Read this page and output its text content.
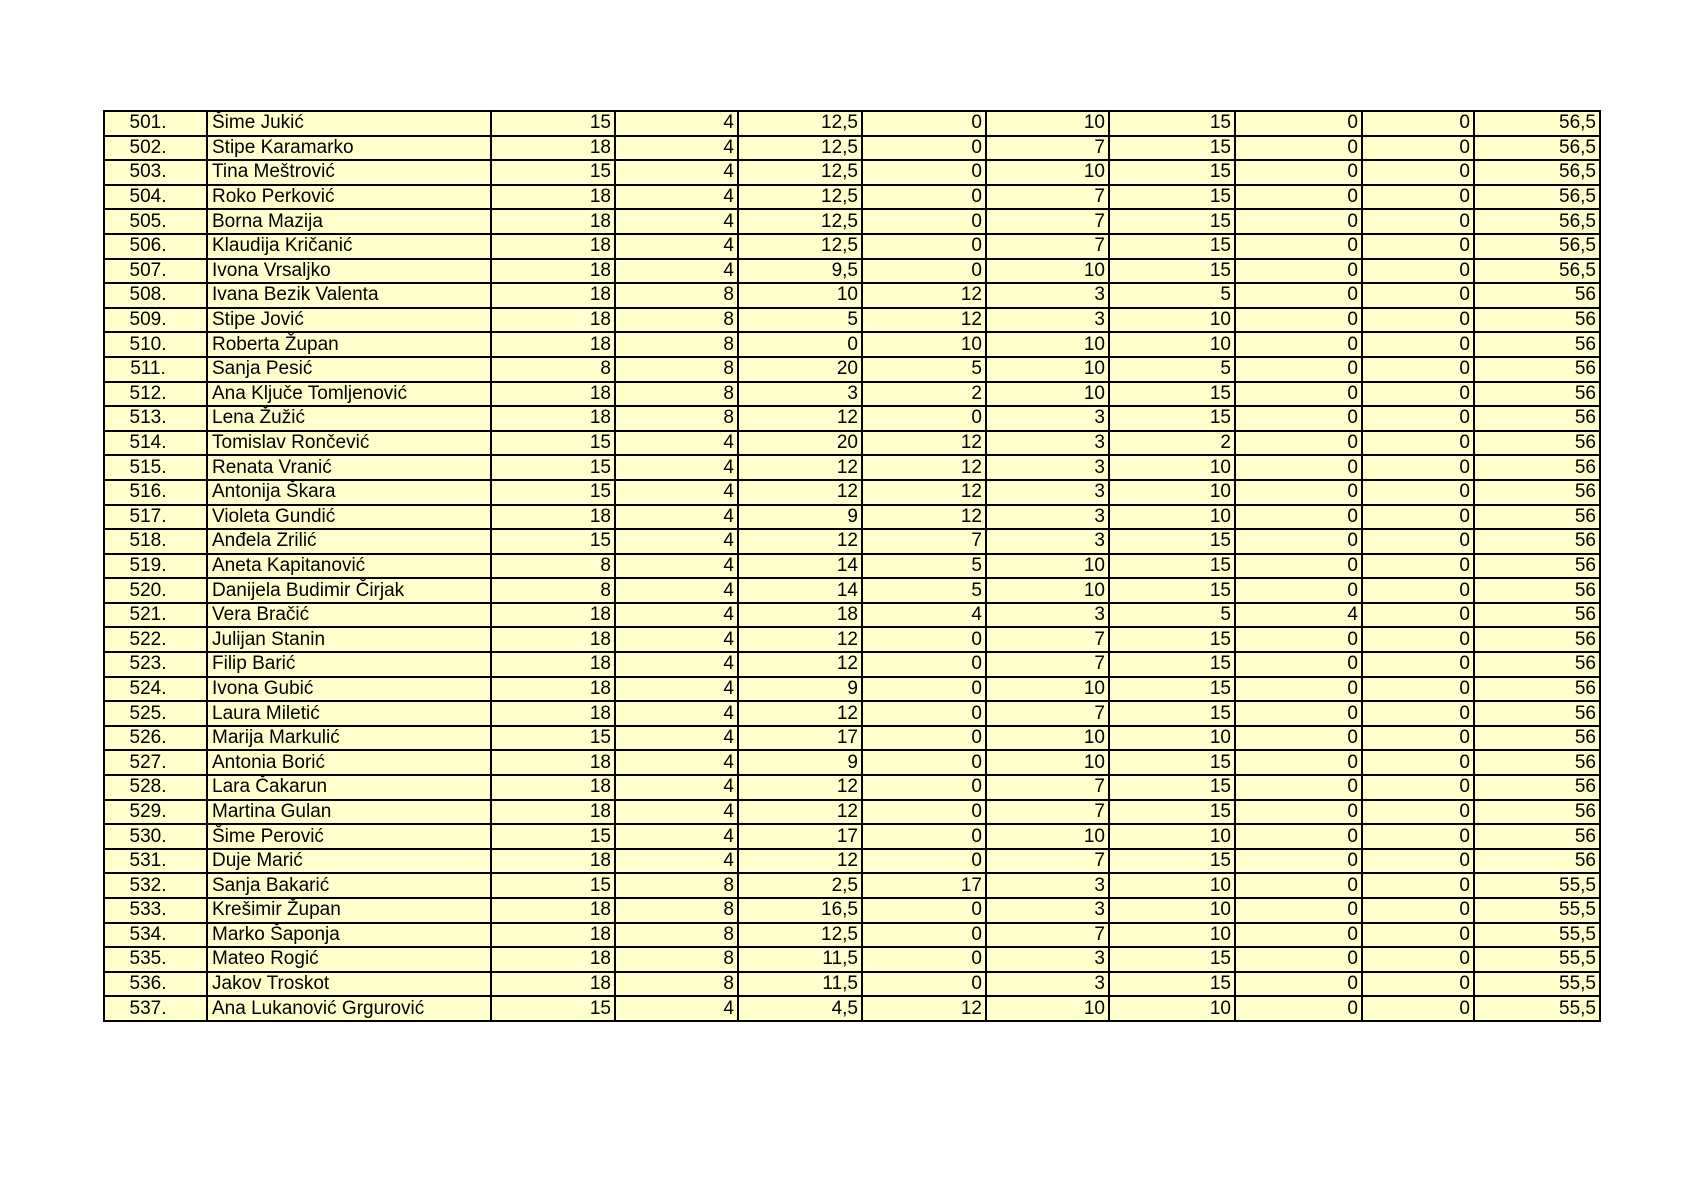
501.	Šime Jukić	15	4	12,5	0	10	15	0	0	56,5
502.	Stipe Karamarko	18	4	12,5	0	7	15	0	0	56,5
503.	Tina Meštrović	15	4	12,5	0	10	15	0	0	56,5
504.	Roko Perković	18	4	12,5	0	7	15	0	0	56,5
505.	Borna Mazija	18	4	12,5	0	7	15	0	0	56,5
506.	Klaudija Kričanić	18	4	12,5	0	7	15	0	0	56,5
507.	Ivona Vrsaljko	18	4	9,5	0	10	15	0	0	56,5
508.	Ivana Bezik Valenta	18	8	10	12	3	5	0	0	56
509.	Stipe Jović	18	8	5	12	3	10	0	0	56
510.	Roberta Župan	18	8	0	10	10	10	0	0	56
511.	Sanja Pesić	8	8	20	5	10	5	0	0	56
512.	Ana Ključe Tomljenović	18	8	3	2	10	15	0	0	56
513.	Lena Žužić	18	8	12	0	3	15	0	0	56
514.	Tomislav Rončević	15	4	20	12	3	2	0	0	56
515.	Renata Vranić	15	4	12	12	3	10	0	0	56
516.	Antonija Škara	15	4	12	12	3	10	0	0	56
517.	Violeta Gundić	18	4	9	12	3	10	0	0	56
518.	Anđela Zrilić	15	4	12	7	3	15	0	0	56
519.	Aneta Kapitanović	8	4	14	5	10	15	0	0	56
520.	Danijela Budimir Čirjak	8	4	14	5	10	15	0	0	56
521.	Vera Bračić	18	4	18	4	3	5	4	0	56
522.	Julijan Stanin	18	4	12	0	7	15	0	0	56
523.	Filip Barić	18	4	12	0	7	15	0	0	56
524.	Ivona Gubić	18	4	9	0	10	15	0	0	56
525.	Laura Miletić	18	4	12	0	7	15	0	0	56
526.	Marija Markulić	15	4	17	0	10	10	0	0	56
527.	Antonia Borić	18	4	9	0	10	15	0	0	56
528.	Lara Čakarun	18	4	12	0	7	15	0	0	56
529.	Martina Gulan	18	4	12	0	7	15	0	0	56
530.	Šime Perović	15	4	17	0	10	10	0	0	56
531.	Duje Marić	18	4	12	0	7	15	0	0	56
532.	Sanja Bakarić	15	8	2,5	17	3	10	0	0	55,5
533.	Krešimir Župan	18	8	16,5	0	3	10	0	0	55,5
534.	Marko Šaponja	18	8	12,5	0	7	10	0	0	55,5
535.	Mateo Rogić	18	8	11,5	0	3	15	0	0	55,5
536.	Jakov Troskot	18	8	11,5	0	3	15	0	0	55,5
537.	Ana Lukanović Grgurović	15	4	4,5	12	10	10	0	0	55,5
